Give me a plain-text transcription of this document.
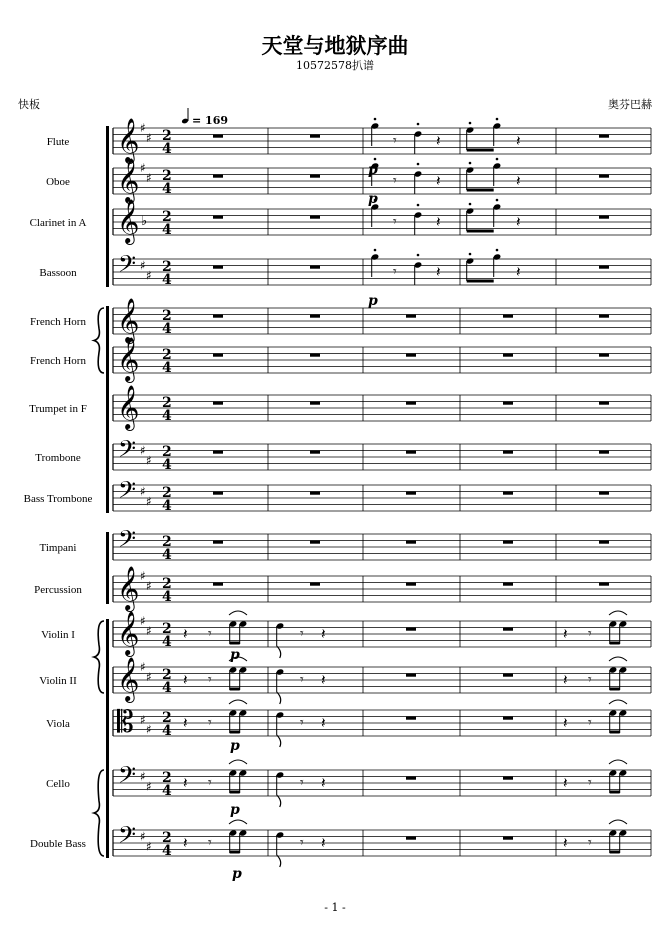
天堂与地狱序曲
10572578扒谱
快板	奥芬巴赫
- 1 -
𝄞 ♯
♯ 2
4
𝄞 ♯
♯ 2
4
𝄞 ♭ 2
4
𝄢 ♯
♯
2
4
𝄞 2
4
𝄞 2
4
𝄞 2
4
𝄢 ♯
♯
2
4
𝄢 ♯
♯
2
4
𝄢 2
4
𝄞 ♯
♯ 2
4
𝄞 ♯
♯ 2
4
𝄞 ♯
♯ 2
4
𝄡 ♯
♯
2
4
𝄢 ♯
♯
2
4
𝄢 ♯
♯
2
4
Flute
Oboe
Clarinet in A
Bassoon
French Horn
French Horn
Trumpet in F
Trombone
Bass Trombone
Timpani
Percussion
Violin I
Violin II
Viola
Cello
Double Bass
= 169
𝄾	𝄽	𝄽
𝄾	𝄽	𝄽
𝄾	𝄽	𝄽
𝄾	𝄽	𝄽
p
p
p
𝄽 𝄾	𝄾 𝄽	𝄽 𝄾
𝄽 𝄾	𝄾 𝄽	𝄽 𝄾
𝄽 𝄾	𝄾 𝄽	𝄽 𝄾
𝄽 𝄾	𝄾 𝄽	𝄽 𝄾
𝄽 𝄾	𝄾 𝄽	𝄽 𝄾
p
p
p
p
